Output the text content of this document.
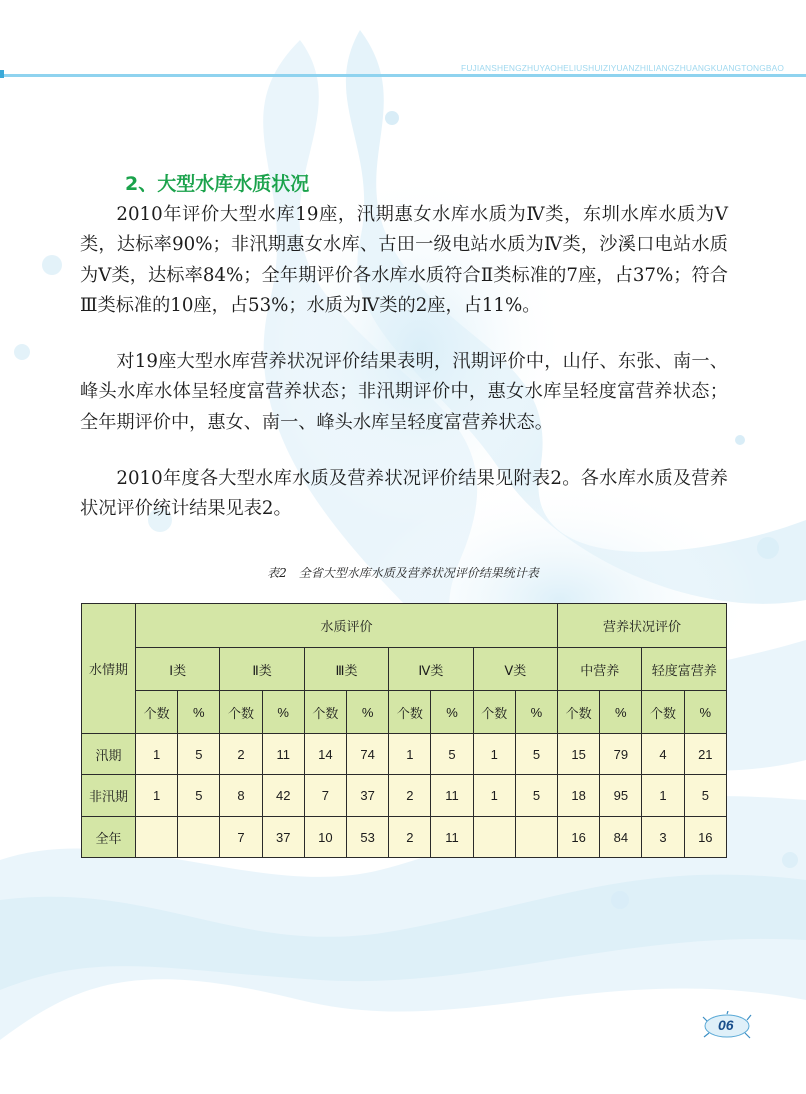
FUJIANSHENGZHUYAOHELIUSHUIZIYUANZHILIANGZHUANGKUANGTONGBAO
2、大型水库水质状况

2010年评价大型水库19座，汛期惠女水库水质为Ⅳ类，东圳水库水质为Ⅴ类，达标率90%；非汛期惠女水库、古田一级电站水质为Ⅳ类，沙溪口电站水质为Ⅴ类，达标率84%；全年期评价各水库水质符合Ⅱ类标准的7座，占37%；符合Ⅲ类标准的10座，占53%；水质为Ⅳ类的2座，占11%。

对19座大型水库营养状况评价结果表明，汛期评价中，山仔、东张、南一、峰头水库水体呈轻度富营养状态；非汛期评价中，惠女水库呈轻度富营养状态；全年期评价中，惠女、南一、峰头水库呈轻度富营养状态。

2010年度各大型水库水质及营养状况评价结果见附表2。各水库水质及营养状况评价统计结果见表2。

表2　全省大型水库水质及营养状况评价结果统计表
水情期	水质评价										营养状况评价			
	Ⅰ类		Ⅱ类		Ⅲ类		Ⅳ类		Ⅴ类		中营养		轻度富营养	
	个数	%	个数	%	个数	%	个数	%	个数	%	个数	%	个数	%
汛期	1	5	2	11	14	74	1	5	1	5	15	79	4	21
非汛期	1	5	8	42	7	37	2	11	1	5	18	95	1	5
全年			7	37	10	53	2	11			16	84	3	16
06
